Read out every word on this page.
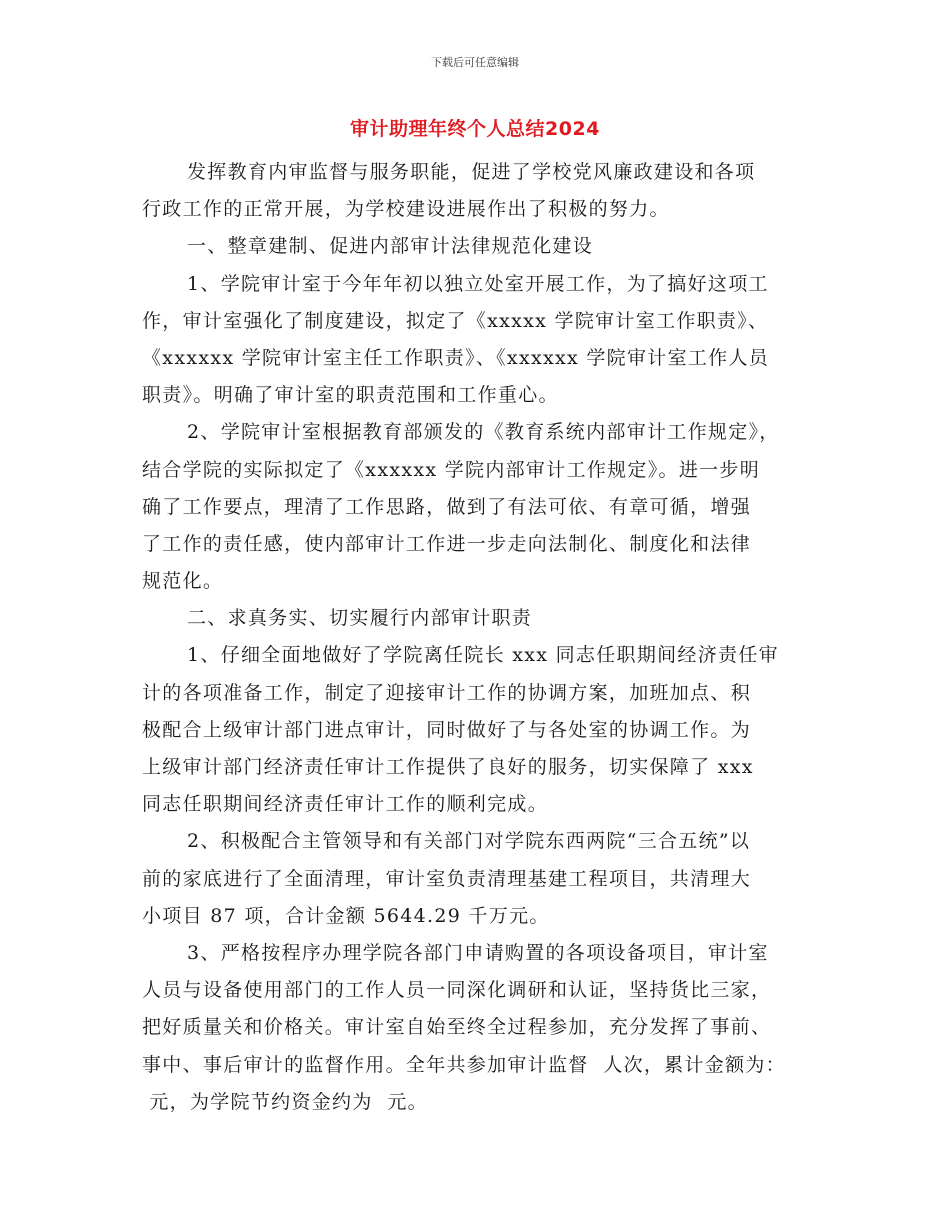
下载后可任意编辑
审计助理年终个人总结2024
发挥教育内审监督与服务职能，促进了学校党风廉政建设和各项
行政工作的正常开展，为学校建设进展作出了积极的努力。
一、整章建制、促进内部审计法律规范化建设
1、学院审计室于今年年初以独立处室开展工作，为了搞好这项工
作，审计室强化了制度建设，拟定了《xxxxx 学院审计室工作职责》、
《xxxxxx 学院审计室主任工作职责》、《xxxxxx 学院审计室工作人员
职责》。明确了审计室的职责范围和工作重心。
2、学院审计室根据教育部颁发的《教育系统内部审计工作规定》，
结合学院的实际拟定了《xxxxxx 学院内部审计工作规定》。进一步明
确了工作要点，理清了工作思路，做到了有法可依、有章可循，增强
了工作的责任感，使内部审计工作进一步走向法制化、制度化和法律
规范化。
二、求真务实、切实履行内部审计职责
1、仔细全面地做好了学院离任院长 xxx 同志任职期间经济责任审
计的各项准备工作，制定了迎接审计工作的协调方案，加班加点、积
极配合上级审计部门进点审计，同时做好了与各处室的协调工作。为
上级审计部门经济责任审计工作提供了良好的服务，切实保障了 xxx
同志任职期间经济责任审计工作的顺利完成。
2、积极配合主管领导和有关部门对学院东西两院“三合五统”以
前的家底进行了全面清理，审计室负责清理基建工程项目，共清理大
小项目 87 项，合计金额 5644.29 千万元。
3、严格按程序办理学院各部门申请购置的各项设备项目，审计室
人员与设备使用部门的工作人员一同深化调研和认证，坚持货比三家，
把好质量关和价格关。审计室自始至终全过程参加，充分发挥了事前、
事中、事后审计的监督作用。全年共参加审计监督  人次，累计金额为：
元，为学院节约资金约为  元。
